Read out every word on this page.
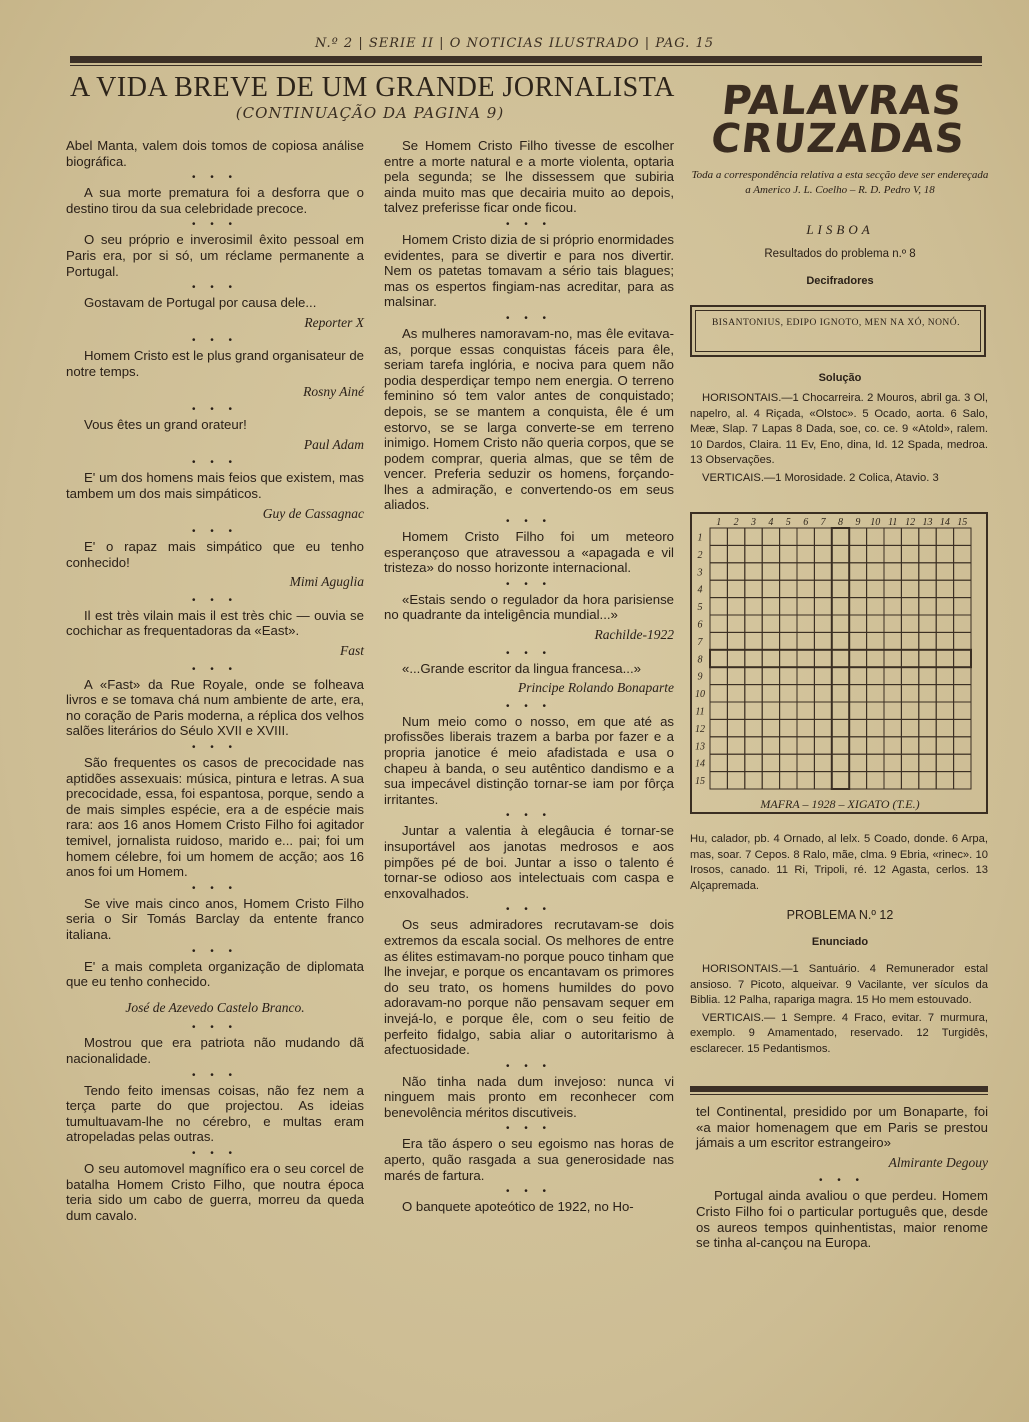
N.º 2 | SERIE II | O NOTICIAS ILUSTRADO | PAG. 15
A VIDA BREVE DE UM GRANDE JORNALISTA
(CONTINUAÇÃO DA PAGINA 9)

Abel Manta, valem dois tomos de copiosa análise biográfica.

• • •

A sua morte prematura foi a desforra que o destino tirou da sua celebridade precoce.

• • •

O seu próprio e inverosimil êxito pessoal em Paris era, por si só, um réclame permanente a Portugal.

• • •

Gostavam de Portugal por causa dele...

Reporter X

• • •

Homem Cristo est le plus grand organisateur de notre temps.

Rosny Ainé

• • •

Vous êtes un grand orateur!

Paul Adam

• • •

E' um dos homens mais feios que existem, mas tambem um dos mais simpáticos.

Guy de Cassagnac

• • •

E' o rapaz mais simpático que eu tenho conhecido!

Mimi Aguglia

• • •

Il est très vilain mais il est très chic — ouvia se cochichar as frequentadoras da «East».

Fast

• • •

A «Fast» da Rue Royale, onde se folheava livros e se tomava chá num ambiente de arte, era, no coração de Paris moderna, a réplica dos velhos salões literários do Séulo XVII e XVIII.

• • •

São frequentes os casos de precocidade nas aptidões assexuais: música, pintura e letras. A sua precocidade, essa, foi espantosa, porque, sendo a de mais simples espécie, era a de espécie mais rara: aos 16 anos Homem Cristo Filho foi agitador temivel, jornalista ruidoso, marido e... pai; foi um homem célebre, foi um homem de acção; aos 16 anos foi um Homem.

• • •

Se vive mais cinco anos, Homem Cristo Filho seria o Sir Tomás Barclay da entente franco italiana.

• • •

E' a mais completa organização de diplomata que eu tenho conhecido.

José de Azevedo Castelo Branco.

• • •

Mostrou que era patriota não mudando dã nacionalidade.

• • •

Tendo feito imensas coisas, não fez nem a terça parte do que projectou. As ideias tumultuavam-lhe no cérebro, e multas eram atropeladas pelas outras.

• • •

O seu automovel magnífico era o seu corcel de batalha Homem Cristo Filho, que noutra época teria sido um cabo de guerra, morreu da queda dum cavalo.

Se Homem Cristo Filho tivesse de escolher entre a morte natural e a morte violenta, optaria pela segunda; se lhe dissessem que subiria ainda muito mas que decairia muito ao depois, talvez preferisse ficar onde ficou.

• • •

Homem Cristo dizia de si próprio enormidades evidentes, para se divertir e para nos divertir. Nem os patetas tomavam a sério tais blagues; mas os espertos fingiam-nas acreditar, para as malsinar.

• • •

As mulheres namoravam-no, mas êle evitava-as, porque essas conquistas fáceis para êle, seriam tarefa inglória, e nociva para quem não podia desperdiçar tempo nem energia. O terreno feminino só tem valor antes de conquistado; depois, se se mantem a conquista, êle é um estorvo, se se larga converte-se em terreno inimigo. Homem Cristo não queria corpos, que se podem comprar, queria almas, que se têm de vencer. Preferia seduzir os homens, forçando-lhes a admiração, e convertendo-os em seus aliados.

• • •

Homem Cristo Filho foi um meteoro esperançoso que atravessou a «apagada e vil tristeza» do nosso horizonte internacional.

• • •

«Estais sendo o regulador da hora parisiense no quadrante da inteligência mundial...»

Rachilde-1922

• • •

«...Grande escritor da lingua francesa...»

Principe Rolando Bonaparte

• • •

Num meio como o nosso, em que até as profissões liberais trazem a barba por fazer e a propria janotice é meio afadistada e usa o chapeu à banda, o seu autêntico dandismo e a sua impecável distinção tornar-se iam por fôrça irritantes.

• • •

Juntar a valentia à elegâucia é tornar-se insuportável aos janotas medrosos e aos pimpões pé de boi. Juntar a isso o talento é tornar-se odioso aos intelectuais com caspa e enxovalhados.

• • •

Os seus admiradores recrutavam-se dois extremos da escala social. Os melhores de entre as élites estimavam-no porque pouco tinham que lhe invejar, e porque os encantavam os primores do seu trato, os homens humildes do povo adoravam-no porque não pensavam sequer em invejá-lo, e porque êle, com o seu feitio de perfeito fidalgo, sabia aliar o autoritarismo à afectuosidade.

• • •

Não tinha nada dum invejoso: nunca vi ninguem mais pronto em reconhecer com benevolência méritos discutiveis.

• • •

Era tão áspero o seu egoismo nas horas de aperto, quão rasgada a sua generosidade nas marés de fartura.

• • •

O banquete apoteótico de 1922, no Ho-

PALAVRAS
CRUZADAS
Toda a correspondência relativa a esta secção deve ser endereçada a Americo J. L. Coelho – R. D. Pedro V, 18
LISBOA
Resultados do problema n.º 8
Decifradores
BISANTONIUS, EDIPO IGNOTO, MEN NA XÓ, NONÓ.
Solução

HORISONTAIS.—1 Chocarreira. 2 Mouros, abril ga. 3 Ol, napelro, al. 4 Riçada, «Olstoc». 5 Ocado, aorta. 6 Salo, Meæ, Slap. 7 Lapas 8 Dada, soe, co. ce. 9 «Atold», ralem. 10 Dardos, Claira. 11 Ev, Eno, dina, Id. 12 Spada, medroa. 13 Observações.

VERTICAIS.—1 Morosidade. 2 Colica, Atavio. 3

1 2 3 4 5 6 7 8 9 10 11 12 13 14 15
1
2
3
4
5
6
7
8
9
10
11
12
13
14
15
MAFRA – 1928 – XIGATO (T.E.)
Hu, calador, pb. 4 Ornado, al lelx. 5 Coado, donde. 6 Arpa, mas, soar. 7 Cepos. 8 Ralo, mãe, clma. 9 Ebria, «rinec». 10 Irosos, canado. 11 Ri, Tripoli, ré. 12 Agasta, cerlos. 13 Alçapremada.
PROBLEMA N.º 12
Enunciado

HORISONTAIS.—1 Santuário. 4 Remunerador estal ansioso. 7 Picoto, alqueivar. 9 Vacilante, ver sículos da Biblia. 12 Palha, rapariga magra. 15 Ho mem estouvado.

VERTICAIS.— 1 Sempre. 4 Fraco, evitar. 7 murmura, exemplo. 9 Amamentado, reservado. 12 Turgidês, esclarecer. 15 Pedantismos.

tel Continental, presidido por um Bonaparte, foi «a maior homenagem que em Paris se prestou jámais a um escritor estrangeiro»

Almirante Degouy

• • •

Portugal ainda avaliou o que perdeu. Homem Cristo Filho foi o particular português que, desde os aureos tempos quinhentistas, maior renome se tinha al-cançou na Europa.
